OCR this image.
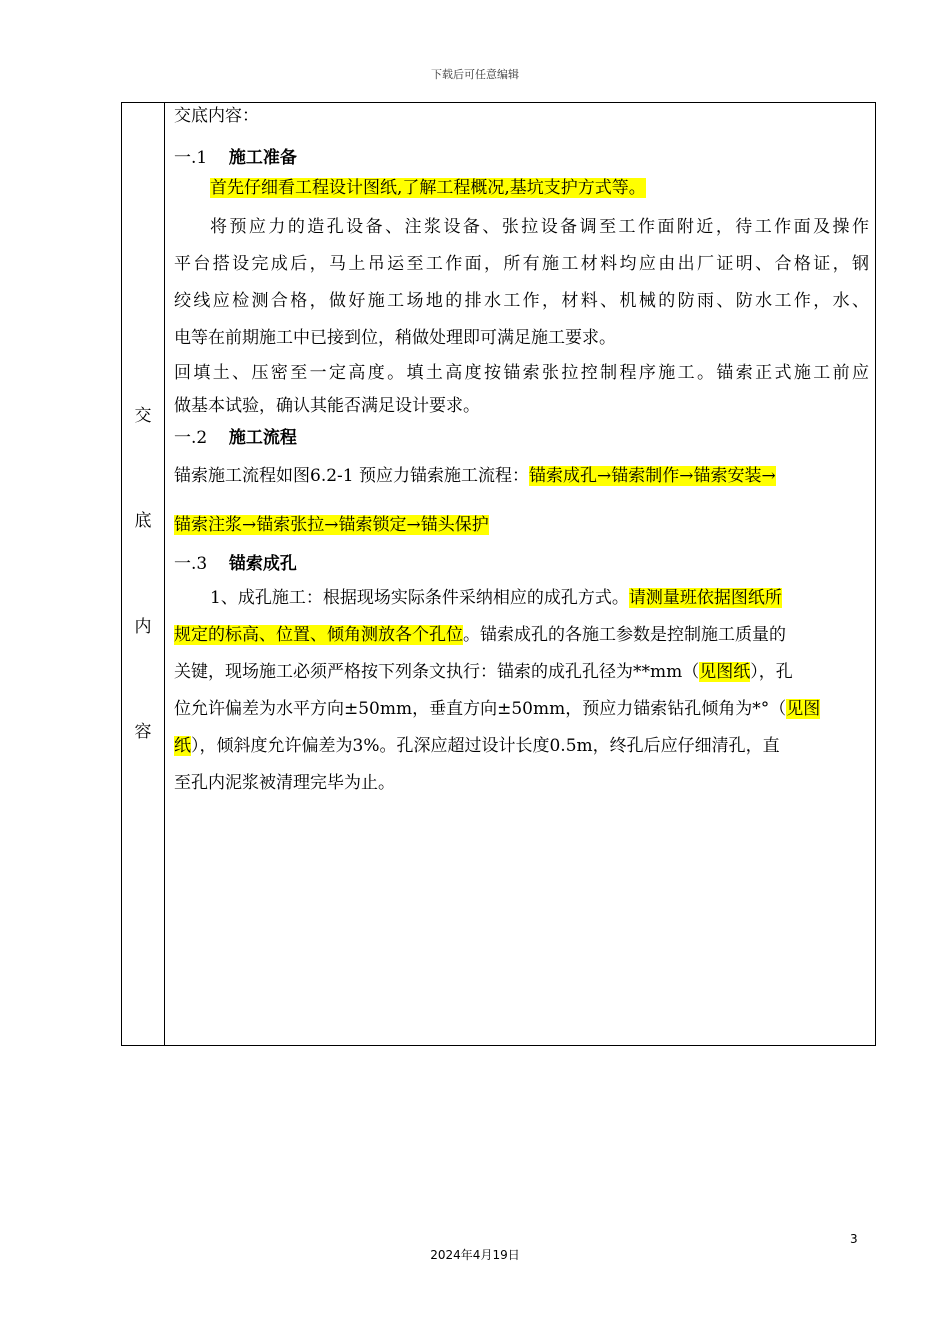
下载后可任意编辑
交
底
内
容
交底内容：
一.1 施工准备
首先仔细看工程设计图纸,了解工程概况,基坑支护方式等。
将预应力的造孔设备、注浆设备、张拉设备调至工作面附近，待工作面及操作
平台搭设完成后，马上吊运至工作面，所有施工材料均应由出厂证明、合格证，钢
绞线应检测合格，做好施工场地的排水工作，材料、机械的防雨、防水工作，水、
电等在前期施工中已接到位，稍做处理即可满足施工要求。
回填土、压密至一定高度。填土高度按锚索张拉控制程序施工。锚索正式施工前应
做基本试验，确认其能否满足设计要求。
一.2 施工流程
锚索施工流程如图6.2-1 预应力锚索施工流程：锚索成孔→锚索制作→锚索安装→
锚索注浆→锚索张拉→锚索锁定→锚头保护
一.3 锚索成孔
1、成孔施工：根据现场实际条件采纳相应的成孔方式。请测量班依据图纸所
规定的标高、位置、倾角测放各个孔位。锚索成孔的各施工参数是控制施工质量的
关键，现场施工必须严格按下列条文执行：锚索的成孔孔径为**mm（见图纸），孔
位允许偏差为水平方向±50mm，垂直方向±50mm，预应力锚索钻孔倾角为*°（见图
纸），倾斜度允许偏差为3%。孔深应超过设计长度0.5m，终孔后应仔细清孔，直
至孔内泥浆被清理完毕为止。
3
2024年4月19日
